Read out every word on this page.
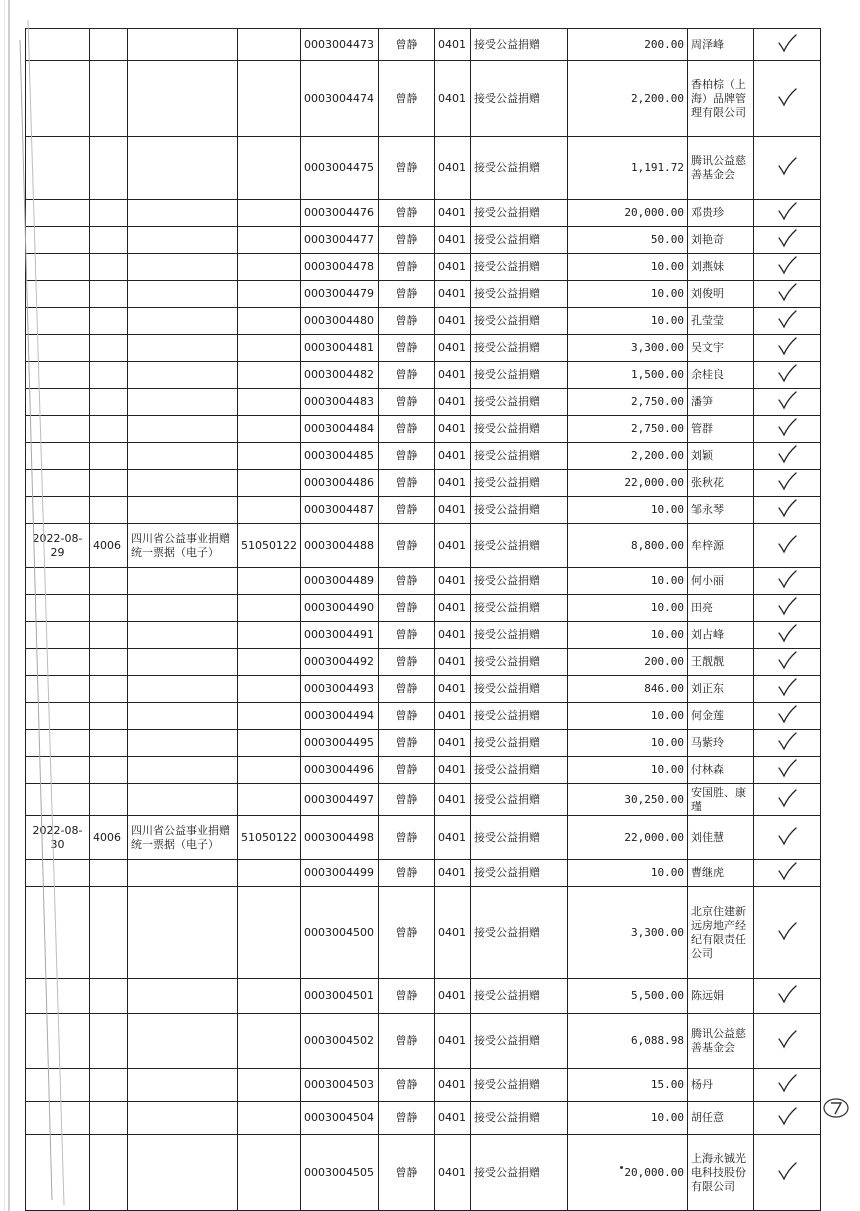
				0003004473	曾静	0401	接受公益捐赠	200.00	周泽峰	
				0003004474	曾静	0401	接受公益捐赠	2,200.00	香柏棕（上海）品牌管理有限公司	
				0003004475	曾静	0401	接受公益捐赠	1,191.72	腾讯公益慈善基金会	
				0003004476	曾静	0401	接受公益捐赠	20,000.00	邓贵珍	
				0003004477	曾静	0401	接受公益捐赠	50.00	刘艳奇	
				0003004478	曾静	0401	接受公益捐赠	10.00	刘燕妹	
				0003004479	曾静	0401	接受公益捐赠	10.00	刘俊明	
				0003004480	曾静	0401	接受公益捐赠	10.00	孔莹莹	
				0003004481	曾静	0401	接受公益捐赠	3,300.00	吴文宇	
				0003004482	曾静	0401	接受公益捐赠	1,500.00	余桂良	
				0003004483	曾静	0401	接受公益捐赠	2,750.00	潘笋	
				0003004484	曾静	0401	接受公益捐赠	2,750.00	管群	
				0003004485	曾静	0401	接受公益捐赠	2,200.00	刘颖	
				0003004486	曾静	0401	接受公益捐赠	22,000.00	张秋花	
				0003004487	曾静	0401	接受公益捐赠	10.00	邹永琴	
2022-08-29	4006	四川省公益事业捐赠统一票据（电子）	51050122	0003004488	曾静	0401	接受公益捐赠	8,800.00	牟梓源	
				0003004489	曾静	0401	接受公益捐赠	10.00	何小丽	
				0003004490	曾静	0401	接受公益捐赠	10.00	田亮	
				0003004491	曾静	0401	接受公益捐赠	10.00	刘占峰	
				0003004492	曾静	0401	接受公益捐赠	200.00	王靓靓	
				0003004493	曾静	0401	接受公益捐赠	846.00	刘正东	
				0003004494	曾静	0401	接受公益捐赠	10.00	何金莲	
				0003004495	曾静	0401	接受公益捐赠	10.00	马紫玲	
				0003004496	曾静	0401	接受公益捐赠	10.00	付林森	
				0003004497	曾静	0401	接受公益捐赠	30,250.00	安国胜、康瑾	
2022-08-30	4006	四川省公益事业捐赠统一票据（电子）	51050122	0003004498	曾静	0401	接受公益捐赠	22,000.00	刘佳慧	
				0003004499	曾静	0401	接受公益捐赠	10.00	曹继虎	
				0003004500	曾静	0401	接受公益捐赠	3,300.00	北京住建新远房地产经纪有限责任公司	
				0003004501	曾静	0401	接受公益捐赠	5,500.00	陈远娟	
				0003004502	曾静	0401	接受公益捐赠	6,088.98	腾讯公益慈善基金会	
				0003004503	曾静	0401	接受公益捐赠	15.00	杨丹	
				0003004504	曾静	0401	接受公益捐赠	10.00	胡任意	
				0003004505	曾静	0401	接受公益捐赠	20,000.00	上海永铖光电科技股份有限公司	
